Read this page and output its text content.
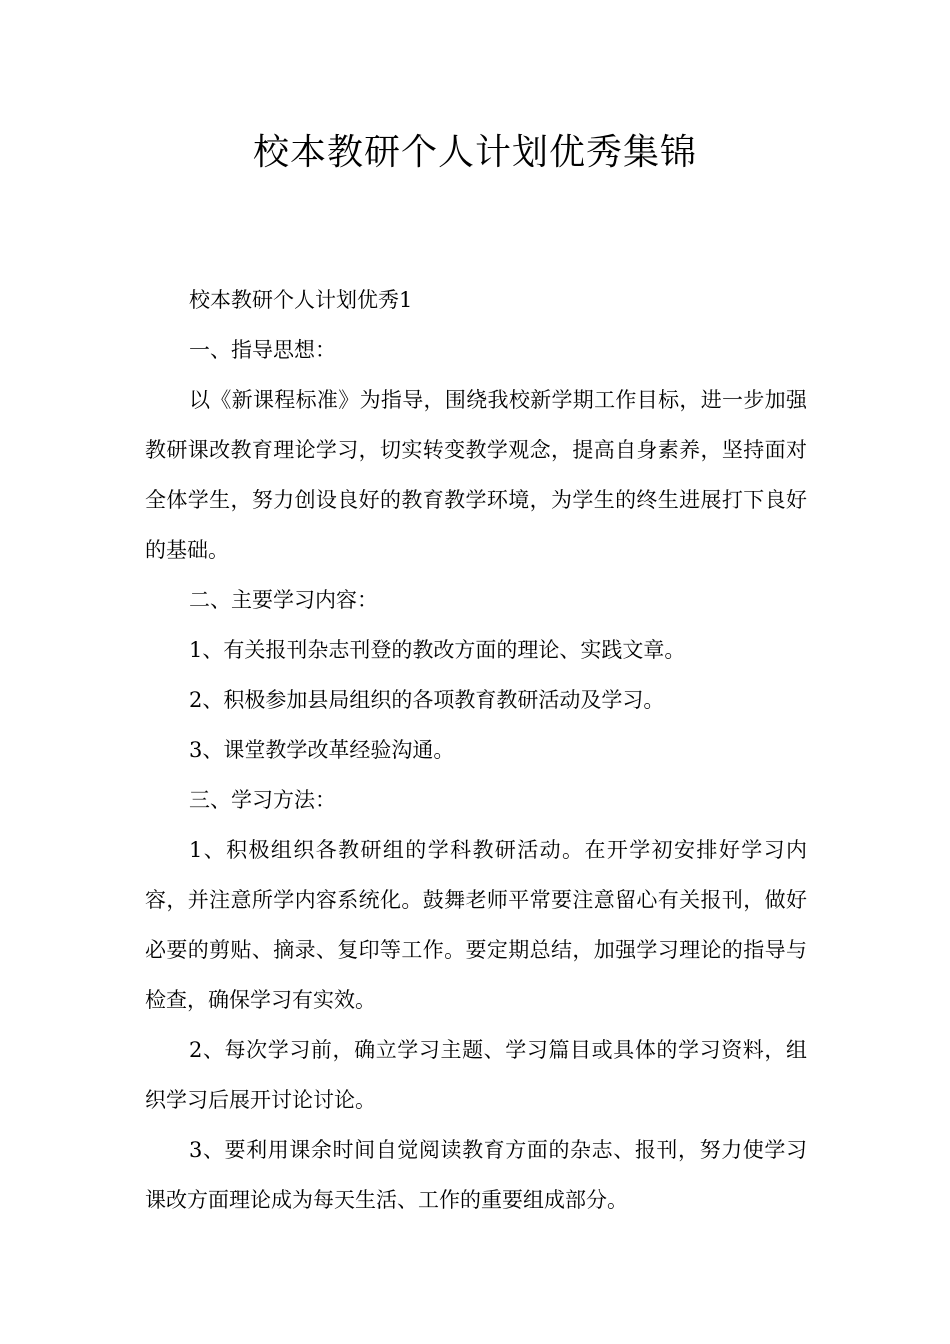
校本教研个人计划优秀集锦

校本教研个人计划优秀1

一、指导思想：

以《新课程标准》为指导，围绕我校新学期工作目标，进一步加强教研课改教育理论学习，切实转变教学观念，提高自身素养，坚持面对全体学生，努力创设良好的教育教学环境，为学生的终生进展打下良好的基础。

二、主要学习内容：

1、有关报刊杂志刊登的教改方面的理论、实践文章。

2、积极参加县局组织的各项教育教研活动及学习。

3、课堂教学改革经验沟通。

三、学习方法：

1、积极组织各教研组的学科教研活动。在开学初安排好学习内容，并注意所学内容系统化。鼓舞老师平常要注意留心有关报刊，做好必要的剪贴、摘录、复印等工作。要定期总结，加强学习理论的指导与检查，确保学习有实效。

2、每次学习前，确立学习主题、学习篇目或具体的学习资料，组织学习后展开讨论讨论。

3、要利用课余时间自觉阅读教育方面的杂志、报刊，努力使学习课改方面理论成为每天生活、工作的重要组成部分。
